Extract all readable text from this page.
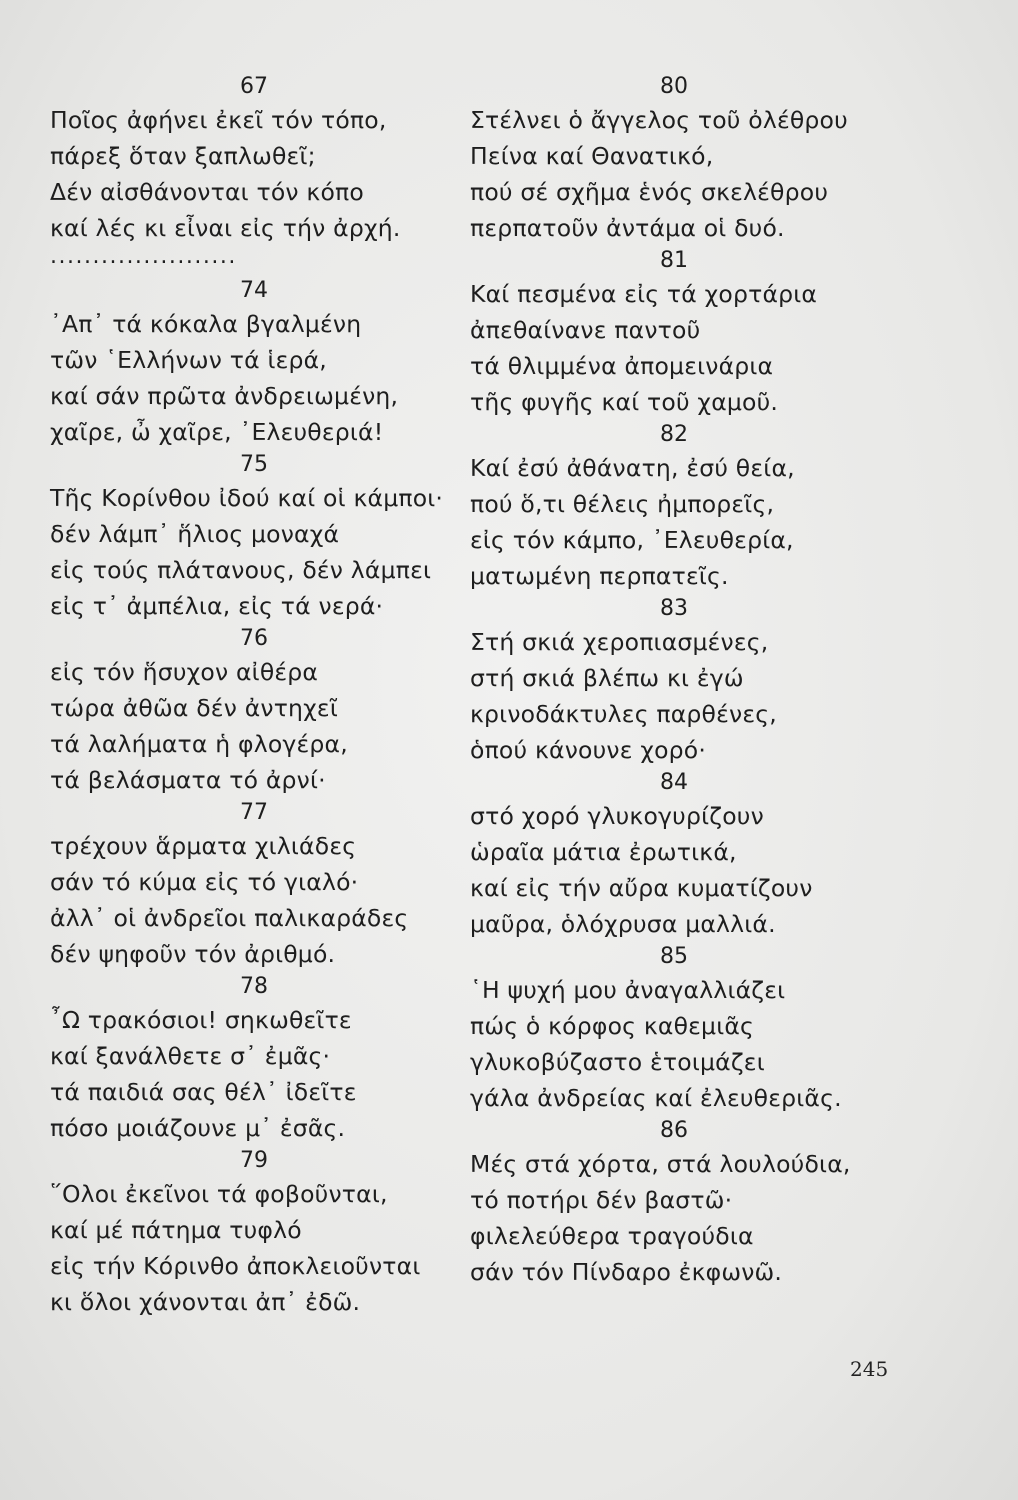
67
Ποῖος ἀφήνει ἐκεῖ τόν τόπο,
πάρεξ ὅταν ξαπλωθεῖ;
Δέν αἰσθάνονται τόν κόπο
καί λές κι εἶναι εἰς τήν ἀρχή.
......................
74
᾿Απ᾿ τά κόκαλα βγαλμένη
τῶν ῾Ελλήνων τά ἱερά,
καί σάν πρῶτα ἀνδρειωμένη,
χαῖρε, ὦ χαῖρε, ᾿Ελευθεριά!
75
Τῆς Κορίνθου ἰδού καί οἱ κάμποι·
δέν λάμπ᾿ ἥλιος μοναχά
εἰς τούς πλάτανους, δέν λάμπει
εἰς τ᾿ ἀμπέλια, εἰς τά νερά·
76
εἰς τόν ἥσυχον αἰθέρα
τώρα ἀθῶα δέν ἀντηχεῖ
τά λαλήματα ἡ φλογέρα,
τά βελάσματα τό ἀρνί·
77
τρέχουν ἅρματα χιλιάδες
σάν τό κύμα εἰς τό γιαλό·
ἀλλ᾿ οἱ ἀνδρεῖοι παλικαράδες
δέν ψηφοῦν τόν ἀριθμό.
78
῏Ω τρακόσιοι! σηκωθεῖτε
καί ξανάλθετε σ᾿ ἐμᾶς·
τά παιδιά σας θέλ᾿ ἰδεῖτε
πόσο μοιάζουνε μ᾿ ἐσᾶς.
79
῞Ολοι ἐκεῖνοι τά φοβοῦνται,
καί μέ πάτημα τυφλό
εἰς τήν Κόρινθο ἀποκλειοῦνται
κι ὅλοι χάνονται ἀπ᾿ ἐδῶ.
80
Στέλνει ὁ ἄγγελος τοῦ ὀλέθρου
Πείνα καί Θανατικό,
πού σέ σχῆμα ἑνός σκελέθρου
περπατοῦν ἀντάμα οἱ δυό.
81
Καί πεσμένα εἰς τά χορτάρια
ἀπεθαίνανε παντοῦ
τά θλιμμένα ἀπομεινάρια
τῆς φυγῆς καί τοῦ χαμοῦ.
82
Καί ἐσύ ἀθάνατη, ἐσύ θεία,
πού ὅ,τι θέλεις ἠμπορεῖς,
εἰς τόν κάμπο, ᾿Ελευθερία,
ματωμένη περπατεῖς.
83
Στή σκιά χεροπιασμένες,
στή σκιά βλέπω κι ἐγώ
κρινοδάκτυλες παρθένες,
ὁπού κάνουνε χορό·
84
στό χορό γλυκογυρίζουν
ὡραῖα μάτια ἐρωτικά,
καί εἰς τήν αὔρα κυματίζουν
μαῦρα, ὁλόχρυσα μαλλιά.
85
῾Η ψυχή μου ἀναγαλλιάζει
πώς ὁ κόρφος καθεμιᾶς
γλυκοβύζαστο ἑτοιμάζει
γάλα ἀνδρείας καί ἐλευθεριᾶς.
86
Μές στά χόρτα, στά λουλούδια,
τό ποτήρι δέν βαστῶ·
φιλελεύθερα τραγούδια
σάν τόν Πίνδαρο ἐκφωνῶ.
245
